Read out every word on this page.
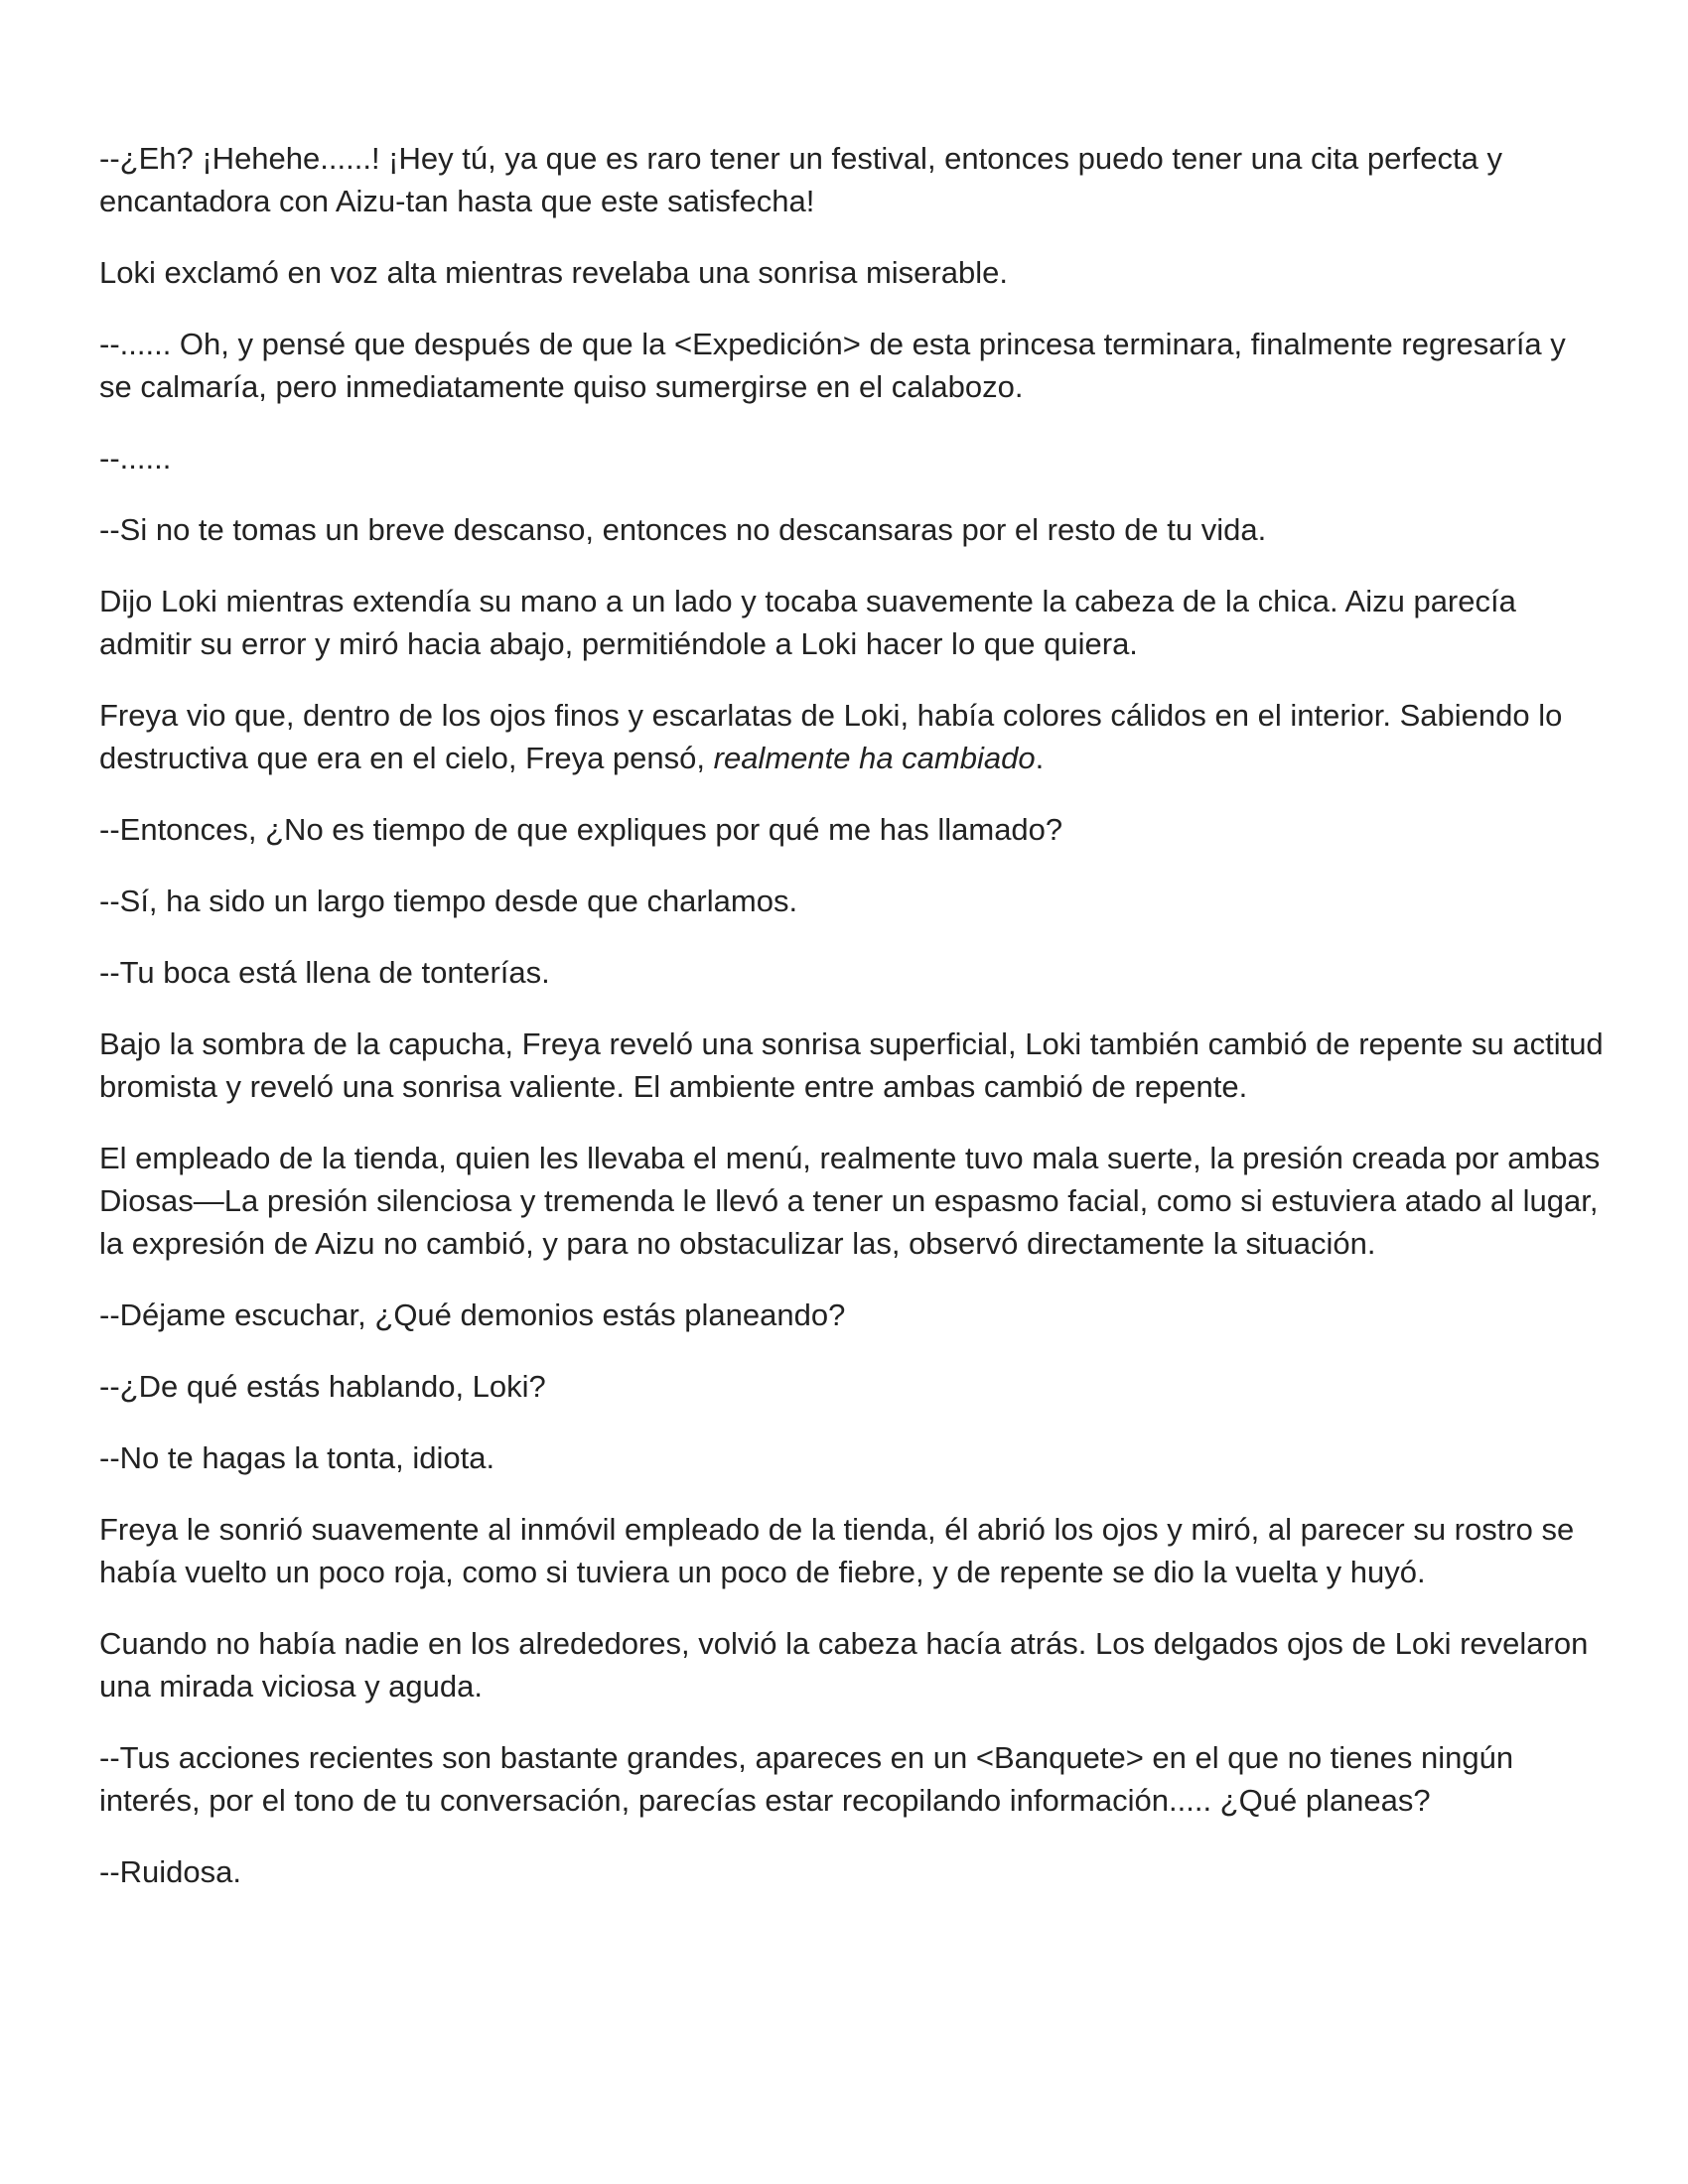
--¿Eh? ¡Hehehe......! ¡Hey tú, ya que es raro tener un festival, entonces puedo tener una cita perfecta y encantadora con Aizu-tan hasta que este satisfecha!

Loki exclamó en voz alta mientras revelaba una sonrisa miserable.

--...... Oh, y pensé que después de que la <Expedición> de esta princesa terminara, finalmente regresaría y se calmaría, pero inmediatamente quiso sumergirse en el calabozo.

--......

--Si no te tomas un breve descanso, entonces no descansaras por el resto de tu vida.

Dijo Loki mientras extendía su mano a un lado y tocaba suavemente la cabeza de la chica. Aizu parecía admitir su error y miró hacia abajo, permitiéndole a Loki hacer lo que quiera.

Freya vio que, dentro de los ojos finos y escarlatas de Loki, había colores cálidos en el interior. Sabiendo lo destructiva que era en el cielo, Freya pensó, realmente ha cambiado.

--Entonces, ¿No es tiempo de que expliques por qué me has llamado?

--Sí, ha sido un largo tiempo desde que charlamos.

--Tu boca está llena de tonterías.

Bajo la sombra de la capucha, Freya reveló una sonrisa superficial, Loki también cambió de repente su actitud bromista y reveló una sonrisa valiente. El ambiente entre ambas cambió de repente.

El empleado de la tienda, quien les llevaba el menú, realmente tuvo mala suerte, la presión creada por ambas Diosas—La presión silenciosa y tremenda le llevó a tener un espasmo facial, como si estuviera atado al lugar, la expresión de Aizu no cambió, y para no obstaculizar las, observó directamente la situación.

--Déjame escuchar, ¿Qué demonios estás planeando?

--¿De qué estás hablando, Loki?

--No te hagas la tonta, idiota.

Freya le sonrió suavemente al inmóvil empleado de la tienda, él abrió los ojos y miró, al parecer su rostro se había vuelto un poco roja, como si tuviera un poco de fiebre, y de repente se dio la vuelta y huyó.

Cuando no había nadie en los alrededores, volvió la cabeza hacía atrás. Los delgados ojos de Loki revelaron una mirada viciosa y aguda.

--Tus acciones recientes son bastante grandes, apareces en un <Banquete> en el que no tienes ningún interés, por el tono de tu conversación, parecías estar recopilando información..... ¿Qué planeas?

--Ruidosa.
